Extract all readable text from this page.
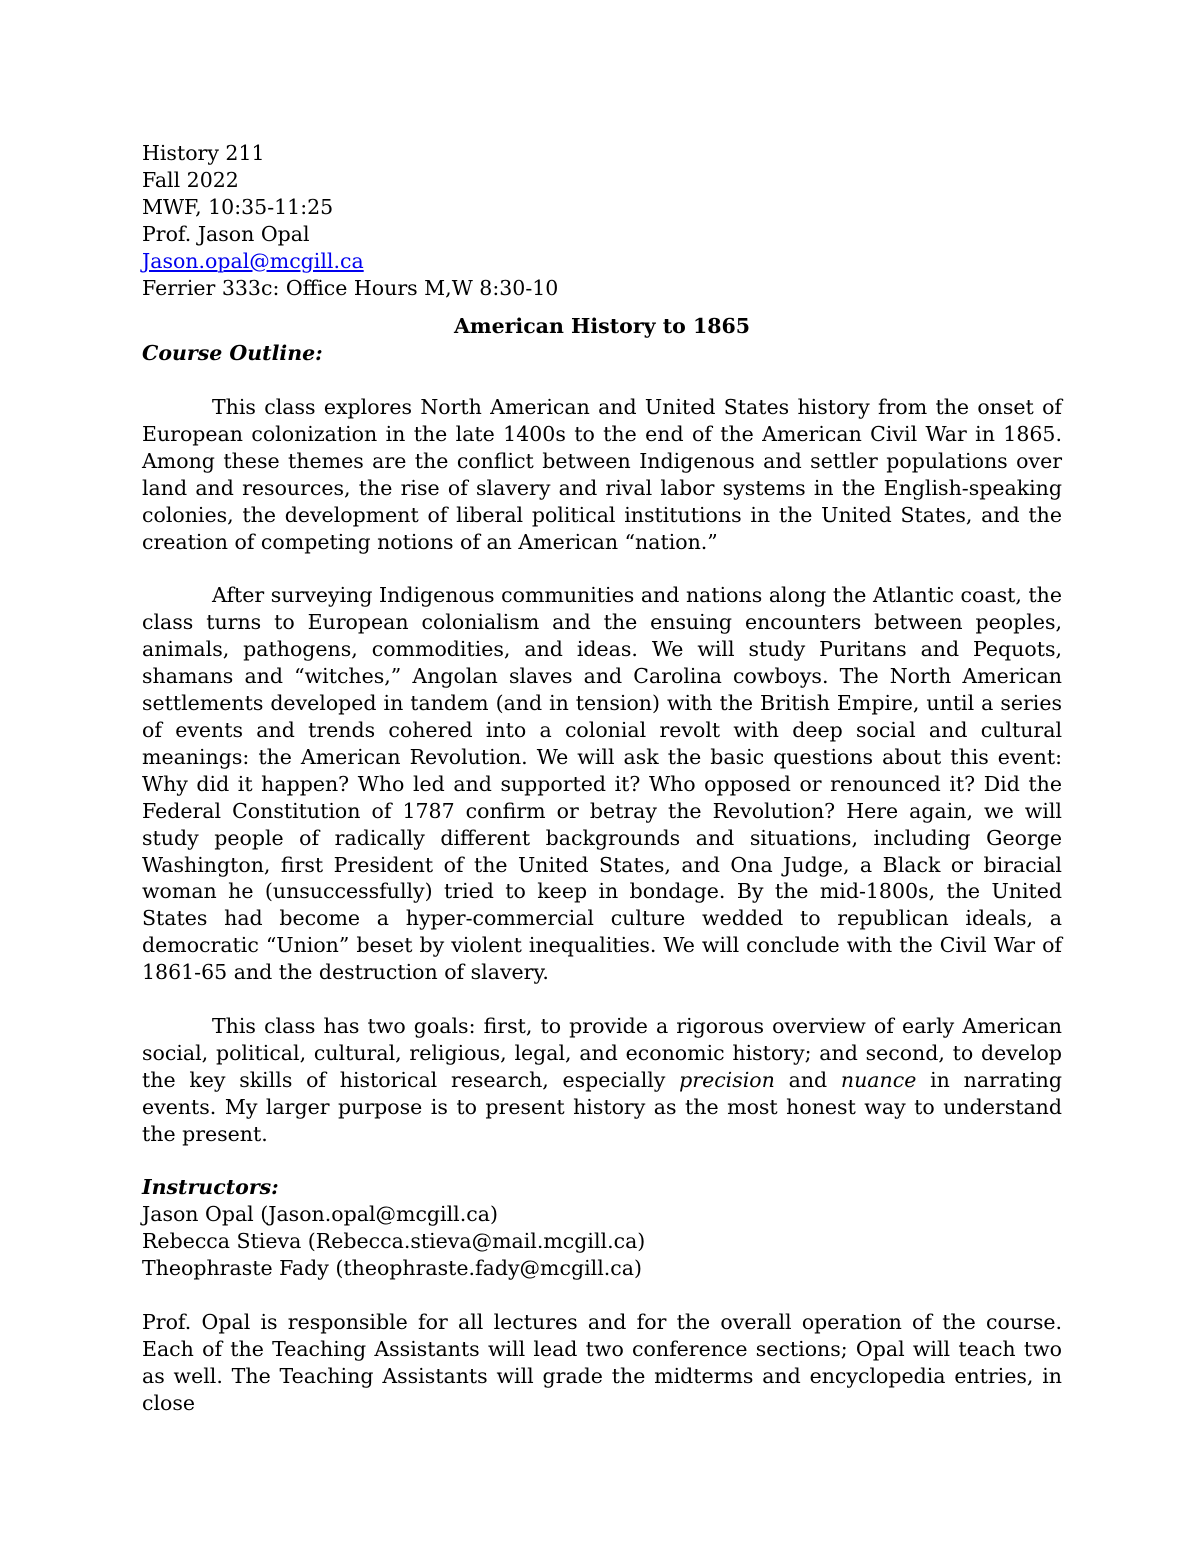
History 211
Fall 2022
MWF, 10:35-11:25
Prof. Jason Opal
Jason.opal@mcgill.ca
Ferrier 333c: Office Hours M,W 8:30-10
American History to 1865
Course Outline:

This class explores North American and United States history from the onset of European colonization in the late 1400s to the end of the American Civil War in 1865. Among these themes are the conflict between Indigenous and settler populations over land and resources, the rise of slavery and rival labor systems in the English-speaking colonies, the development of liberal political institutions in the United States, and the creation of competing notions of an American “nation.”

After surveying Indigenous communities and nations along the Atlantic coast, the class turns to European colonialism and the ensuing encounters between peoples, animals, pathogens, commodities, and ideas. We will study Puritans and Pequots, shamans and “witches,” Angolan slaves and Carolina cowboys. The North American settlements developed in tandem (and in tension) with the British Empire, until a series of events and trends cohered into a colonial revolt with deep social and cultural meanings: the American Revolution. We will ask the basic questions about this event: Why did it happen? Who led and supported it? Who opposed or renounced it? Did the Federal Constitution of 1787 confirm or betray the Revolution? Here again, we will study people of radically different backgrounds and situations, including George Washington, first President of the United States, and Ona Judge, a Black or biracial woman he (unsuccessfully) tried to keep in bondage. By the mid-1800s, the United States had become a hyper-commercial culture wedded to republican ideals, a democratic “Union” beset by violent inequalities. We will conclude with the Civil War of 1861-65 and the destruction of slavery.

This class has two goals: first, to provide a rigorous overview of early American social, political, cultural, religious, legal, and economic history; and second, to develop the key skills of historical research, especially precision and nuance in narrating events. My larger purpose is to present history as the most honest way to understand the present.

Instructors:
Jason Opal (Jason.opal@mcgill.ca)
Rebecca Stieva (Rebecca.stieva@mail.mcgill.ca)
Theophraste Fady (theophraste.fady@mcgill.ca)

Prof. Opal is responsible for all lectures and for the overall operation of the course. Each of the Teaching Assistants will lead two conference sections; Opal will teach two as well. The Teaching Assistants will grade the midterms and encyclopedia entries, in close
